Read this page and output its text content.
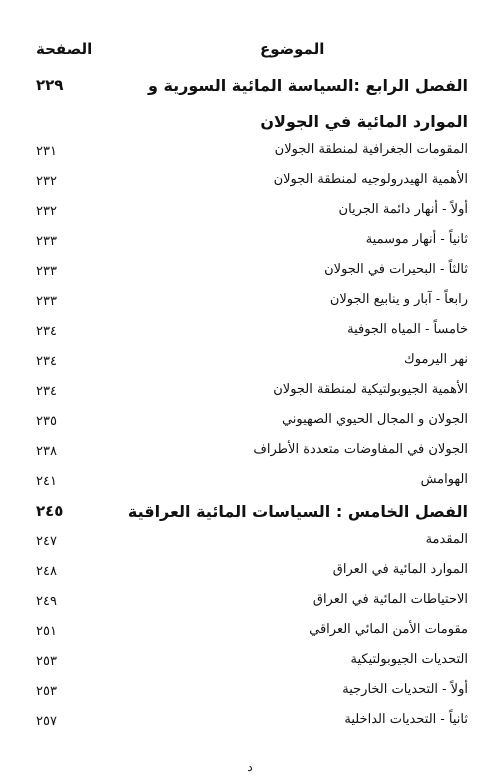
الصفحة	الموضوع
الفصل الرابع :السياسة المائية السورية و
٢٢٩
الموارد المائية في الجولان
المقومات الجغرافية لمنطقة الجولان
٢٣١
الأهمية الهيدرولوجيه لمنطقة الجولان
٢٣٢
أولاً - أنهار دائمة الجريان
٢٣٢
ثانياً - أنهار موسمية
٢٣٣
ثالثاً - البحيرات في الجولان
٢٣٣
رابعاً - آبار و ينابيع الجولان
٢٣٣
خامساً - المياه الجوفية
٢٣٤
نهر اليرموك
٢٣٤
الأهمية الجيوبولتيكية لمنطقة الجولان
٢٣٤
الجولان و المجال الحيوي الصهيوني
٢٣٥
الجولان في المفاوضات متعددة الأطراف
٢٣٨
الهوامش
٢٤١
الفصل الخامس : السياسات المائية العراقية
٢٤٥
المقدمة
٢٤٧
الموارد المائية في العراق
٢٤٨
الاحتياطات المائية في العراق
٢٤٩
مقومات الأمن المائي العراقي
٢٥١
التحديات الجيوبولتيكية
٢٥٣
أولاً - التحديات الخارجية
٢٥٣
ثانياً - التحديات الداخلية
٢٥٧
د
